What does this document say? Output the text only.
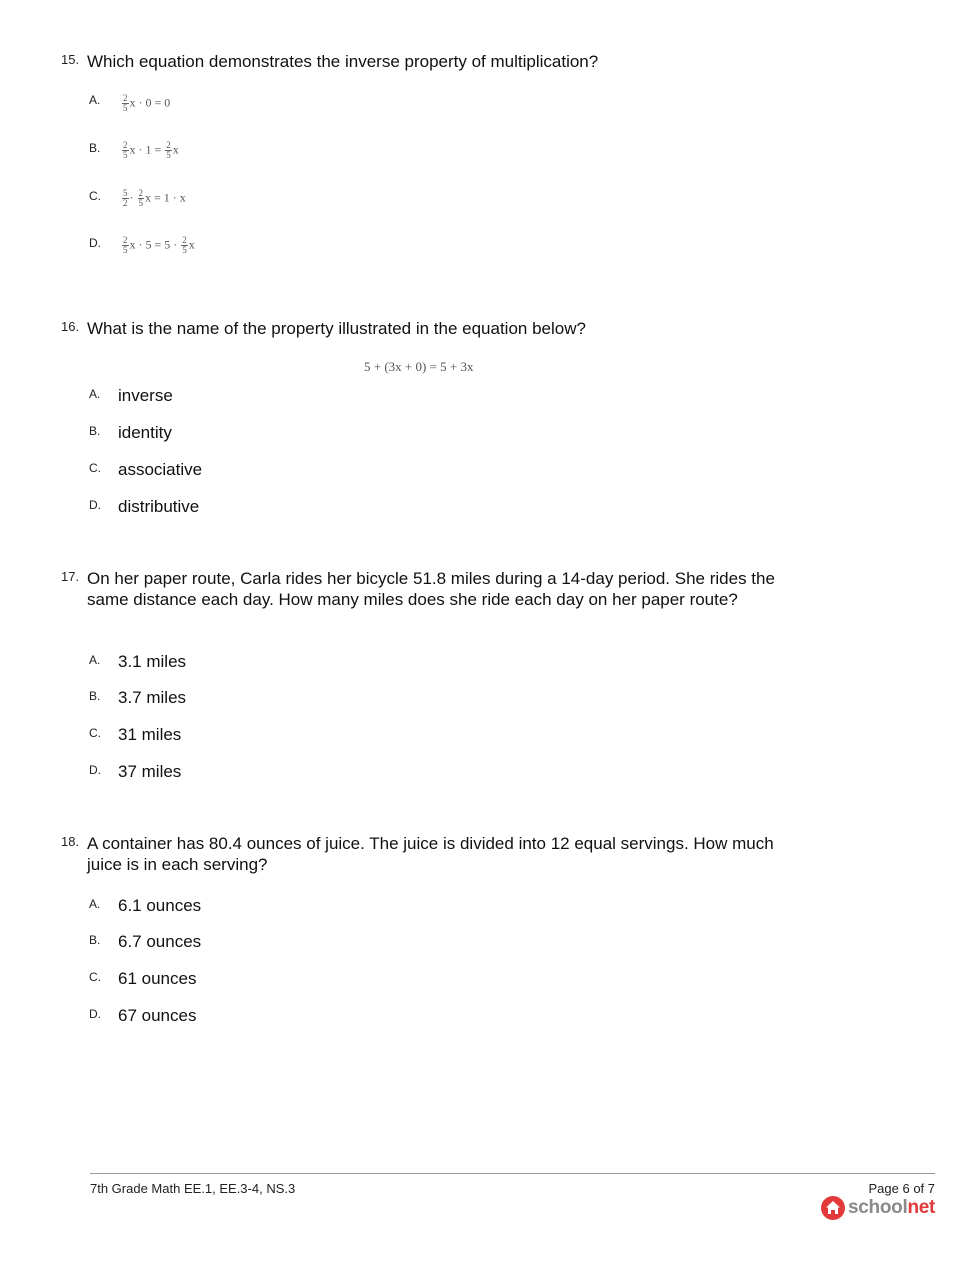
15. Which equation demonstrates the inverse property of multiplication?
A. $\frac{2}{5}$ x · 0 = 0
B. $\frac{2}{5}$ $x \cdot 1 = \frac{2}{5}$ x
C. $\frac{5}{2} \cdot \frac{2}{5}$ x = 1 · x
D. $\frac{2}{5}$ $x \cdot 5 = 5 \cdot \frac{2}{5}$ x
16. What is the name of the property illustrated in the equation below?
5 + (3x + 0) = 5 + 3x
A. inverse
B. identity
C. associative
D. distributive
17. On her paper route, Carla rides her bicycle 51.8 miles during a 14-day period. She rides the same distance each day. How many miles does she ride each day on her paper route?
A. 3.1 miles
B. 3.7 miles
C. 31 miles
D. 37 miles
18. A container has 80.4 ounces of juice. The juice is divided into 12 equal servings. How much juice is in each serving?
A. 6.1 ounces
B. 6.7 ounces
C. 61 ounces
D. 67 ounces
7th Grade Math EE.1, EE.3-4, NS.3	Page 6 of 7
schoolnet
